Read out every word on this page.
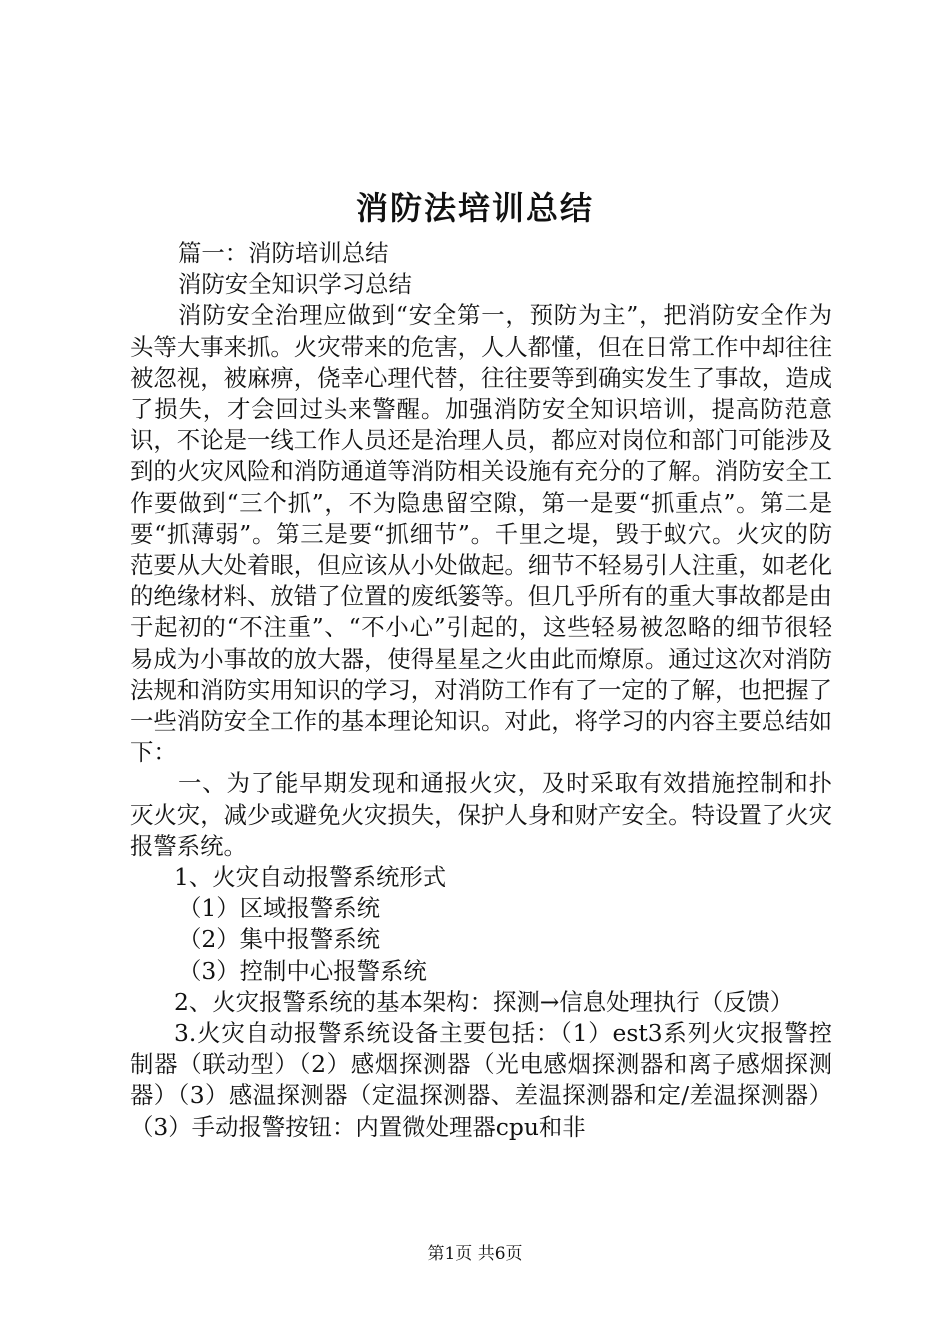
消防法培训总结

篇一：消防培训总结

消防安全知识学习总结

消防安全治理应做到“安全第一，预防为主”，把消防安全作为头等大事来抓。火灾带来的危害，人人都懂，但在日常工作中却往往被忽视，被麻痹，侥幸心理代替，往往要等到确实发生了事故，造成了损失，才会回过头来警醒。加强消防安全知识培训，提高防范意识，不论是一线工作人员还是治理人员，都应对岗位和部门可能涉及到的火灾风险和消防通道等消防相关设施有充分的了解。消防安全工作要做到“三个抓”，不为隐患留空隙，第一是要“抓重点”。第二是要“抓薄弱”。第三是要“抓细节”。千里之堤，毁于蚁穴。火灾的防范要从大处着眼，但应该从小处做起。细节不轻易引人注重，如老化的绝缘材料、放错了位置的废纸篓等。但几乎所有的重大事故都是由于起初的“不注重”、“不小心”引起的，这些轻易被忽略的细节很轻易成为小事故的放大器，使得星星之火由此而燎原。通过这次对消防法规和消防实用知识的学习，对消防工作有了一定的了解，也把握了一些消防安全工作的基本理论知识。对此，将学习的内容主要总结如下：

一、为了能早期发现和通报火灾，及时采取有效措施控制和扑灭火灾，减少或避免火灾损失，保护人身和财产安全。特设置了火灾报警系统。

1、火灾自动报警系统形式

（1）区域报警系统

（2）集中报警系统

（3）控制中心报警系统

2、火灾报警系统的基本架构：探测→信息处理执行（反馈）

3.火灾自动报警系统设备主要包括：（1）est3系列火灾报警控制器（联动型）（2）感烟探测器（光电感烟探测器和离子感烟探测器）（3）感温探测器（定温探测器、差温探测器和定/差温探测器）（3）手动报警按钮：内置微处理器cpu和非

第1页 共6页
